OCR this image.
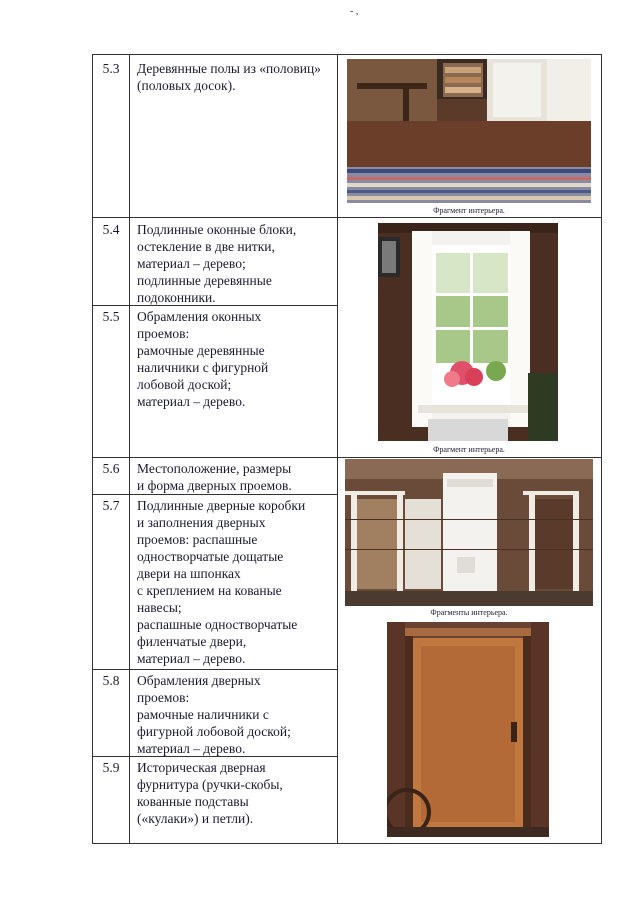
- ,
5.3
5.4
5.5
5.6
5.7
5.8
5.9
Деревянные полы из «половиц»
(половых досок).
Подлинные оконные блоки,
остекление в две нитки,
материал – дерево;
подлинные деревянные
подоконники.
Обрамления оконных
проемов:
рамочные деревянные
наличники с фигурной
лобовой доской;
материал – дерево.
Местоположение, размеры
и форма дверных проемов.
Подлинные дверные коробки
и заполнения дверных
проемов: распашные
одностворчатые дощатые
двери на шпонках
с креплением на кованые
навесы;
распашные одностворчатые
филенчатые двери,
материал – дерево.
Обрамления дверных
проемов:
рамочные наличники с
фигурной лобовой доской;
материал – дерево.
Историческая дверная
фурнитура (ручки-скобы,
кованные подставы
(«кулаки») и петли).
Фрагмент интерьера.
Фрагмент интерьера.
Фрагменты интерьера.
